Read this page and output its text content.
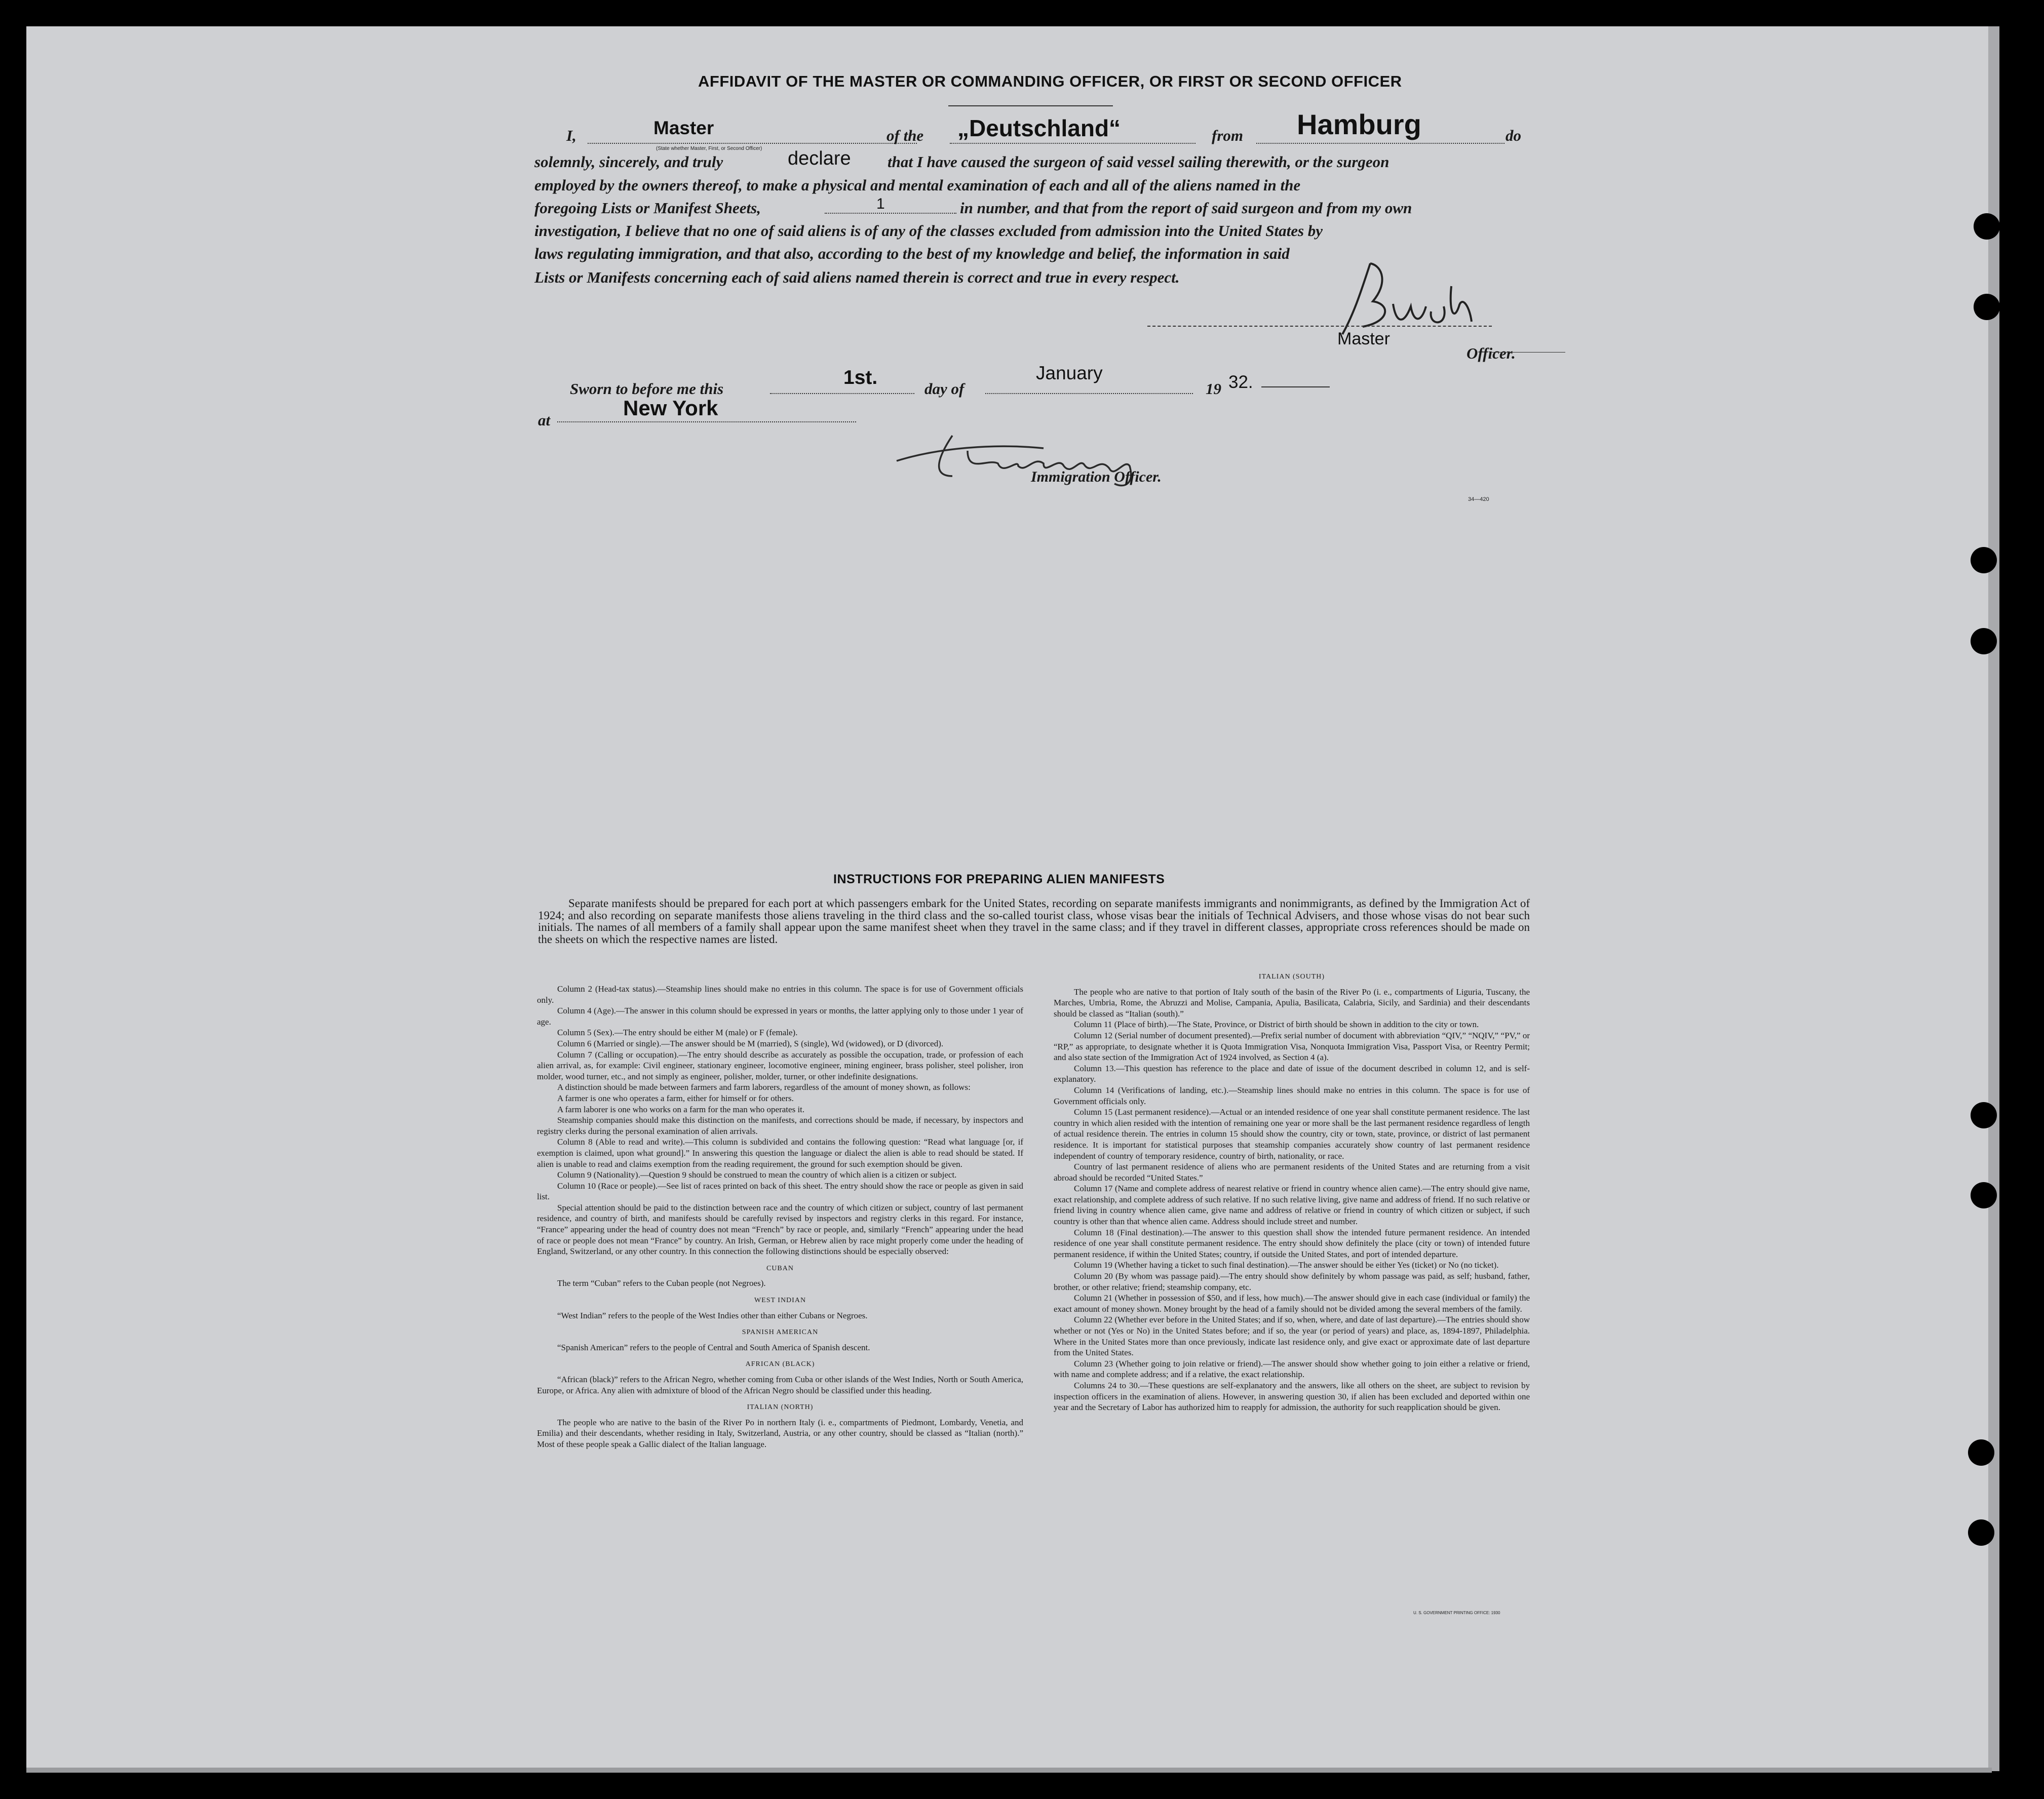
AFFIDAVIT OF THE MASTER OR COMMANDING OFFICER, OR FIRST OR SECOND OFFICER
I,	Master
(State whether Master, First, or Second Officer)
of the „Deutschland“	from Hamburg	do
solemnly, sincerely, and truly	declare that I have caused the surgeon of said vessel sailing therewith, or the surgeon
employed by the owners thereof, to make a physical and mental examination of each and all of the aliens named in the
foregoing Lists or Manifest Sheets,	1	in number, and that from the report of said surgeon and from my own
investigation, I believe that no one of said aliens is of any of the classes excluded from admission into the United States by
laws regulating immigration, and that also, according to the best of my knowledge and belief, the information in said
Lists or Manifests concerning each of said aliens named therein is correct and true in every respect.
Master
Officer.
Sworn to before me this
1st.
day of
January
19 32.
at
New York
Immigration Officer.
34—420
INSTRUCTIONS FOR PREPARING ALIEN MANIFESTS
Separate manifests should be prepared for each port at which passengers embark for the United States, recording on separate manifests immigrants and nonimmigrants, as defined by the Immigration Act of 1924; and also recording on separate manifests those aliens traveling in the third class and the so-called tourist class, whose visas bear the initials of Technical Advisers, and those whose visas do not bear such initials. The names of all members of a family shall appear upon the same manifest sheet when they travel in the same class; and if they travel in different classes, appropriate cross references should be made on the sheets on which the respective names are listed.

Column 2 (Head-tax status).—Steamship lines should make no entries in this column. The space is for use of Government officials only.

Column 4 (Age).—The answer in this column should be expressed in years or months, the latter applying only to those under 1 year of age.

Column 5 (Sex).—The entry should be either M (male) or F (female).

Column 6 (Married or single).—The answer should be M (married), S (single), Wd (widowed), or D (divorced).

Column 7 (Calling or occupation).—The entry should describe as accurately as possible the occupation, trade, or profession of each alien arrival, as, for example: Civil engineer, stationary engineer, locomotive engineer, mining engineer, brass polisher, steel polisher, iron molder, wood turner, etc., and not simply as engineer, polisher, molder, turner, or other indefinite designations.

A distinction should be made between farmers and farm laborers, regardless of the amount of money shown, as follows:

A farmer is one who operates a farm, either for himself or for others.

A farm laborer is one who works on a farm for the man who operates it.

Steamship companies should make this distinction on the manifests, and corrections should be made, if necessary, by inspectors and registry clerks during the personal examination of alien arrivals.

Column 8 (Able to read and write).—This column is subdivided and contains the following question: “Read what language [or, if exemption is claimed, upon what ground].” In answering this question the language or dialect the alien is able to read should be stated. If alien is unable to read and claims exemption from the reading requirement, the ground for such exemption should be given.

Column 9 (Nationality).—Question 9 should be construed to mean the country of which alien is a citizen or subject.

Column 10 (Race or people).—See list of races printed on back of this sheet. The entry should show the race or people as given in said list.

Special attention should be paid to the distinction between race and the country of which citizen or subject, country of last permanent residence, and country of birth, and manifests should be carefully revised by inspectors and registry clerks in this regard. For instance, “France” appearing under the head of country does not mean “French” by race or people, and, similarly “French” appearing under the head of race or people does not mean “France” by country. An Irish, German, or Hebrew alien by race might properly come under the heading of England, Switzerland, or any other country. In this connection the following distinctions should be especially observed:

CUBAN

The term “Cuban” refers to the Cuban people (not Negroes).

WEST INDIAN

“West Indian” refers to the people of the West Indies other than either Cubans or Negroes.

SPANISH AMERICAN

“Spanish American” refers to the people of Central and South America of Spanish descent.

AFRICAN (BLACK)

“African (black)” refers to the African Negro, whether coming from Cuba or other islands of the West Indies, North or South America, Europe, or Africa. Any alien with admixture of blood of the African Negro should be classified under this heading.

ITALIAN (NORTH)

The people who are native to the basin of the River Po in northern Italy (i. e., compartments of Piedmont, Lombardy, Venetia, and Emilia) and their descendants, whether residing in Italy, Switzerland, Austria, or any other country, should be classed as “Italian (north).” Most of these people speak a Gallic dialect of the Italian language.

ITALIAN (SOUTH)

The people who are native to that portion of Italy south of the basin of the River Po (i. e., compartments of Liguria, Tuscany, the Marches, Umbria, Rome, the Abruzzi and Molise, Campania, Apulia, Basilicata, Calabria, Sicily, and Sardinia) and their descendants should be classed as “Italian (south).”

Column 11 (Place of birth).—The State, Province, or District of birth should be shown in addition to the city or town.

Column 12 (Serial number of document presented).—Prefix serial number of document with abbreviation “QIV,” “NQIV,” “PV,” or “RP,” as appropriate, to designate whether it is Quota Immigration Visa, Nonquota Immigration Visa, Passport Visa, or Reentry Permit; and also state section of the Immigration Act of 1924 involved, as Section 4 (a).

Column 13.—This question has reference to the place and date of issue of the document described in column 12, and is self-explanatory.

Column 14 (Verifications of landing, etc.).—Steamship lines should make no entries in this column. The space is for use of Government officials only.

Column 15 (Last permanent residence).—Actual or an intended residence of one year shall constitute permanent residence. The last country in which alien resided with the intention of remaining one year or more shall be the last permanent residence regardless of length of actual residence therein. The entries in column 15 should show the country, city or town, state, province, or district of last permanent residence. It is important for statistical purposes that steamship companies accurately show country of last permanent residence independent of country of temporary residence, country of birth, nationality, or race.

Country of last permanent residence of aliens who are permanent residents of the United States and are returning from a visit abroad should be recorded “United States.”

Column 17 (Name and complete address of nearest relative or friend in country whence alien came).—The entry should give name, exact relationship, and complete address of such relative. If no such relative living, give name and address of friend. If no such relative or friend living in country whence alien came, give name and address of relative or friend in country of which citizen or subject, if such country is other than that whence alien came. Address should include street and number.

Column 18 (Final destination).—The answer to this question shall show the intended future permanent residence. An intended residence of one year shall constitute permanent residence. The entry should show definitely the place (city or town) of intended future permanent residence, if within the United States; country, if outside the United States, and port of intended departure.

Column 19 (Whether having a ticket to such final destination).—The answer should be either Yes (ticket) or No (no ticket).

Column 20 (By whom was passage paid).—The entry should show definitely by whom passage was paid, as self; husband, father, brother, or other relative; friend; steamship company, etc.

Column 21 (Whether in possession of $50, and if less, how much).—The answer should give in each case (individual or family) the exact amount of money shown. Money brought by the head of a family should not be divided among the several members of the family.

Column 22 (Whether ever before in the United States; and if so, when, where, and date of last departure).—The entries should show whether or not (Yes or No) in the United States before; and if so, the year (or period of years) and place, as, 1894-1897, Philadelphia. Where in the United States more than once previously, indicate last residence only, and give exact or approximate date of last departure from the United States.

Column 23 (Whether going to join relative or friend).—The answer should show whether going to join either a relative or friend, with name and complete address; and if a relative, the exact relationship.

Columns 24 to 30.—These questions are self-explanatory and the answers, like all others on the sheet, are subject to revision by inspection officers in the examination of aliens. However, in answering question 30, if alien has been excluded and deported within one year and the Secretary of Labor has authorized him to reapply for admission, the authority for such reapplication should be given.

U. S. GOVERNMENT PRINTING OFFICE: 1930
